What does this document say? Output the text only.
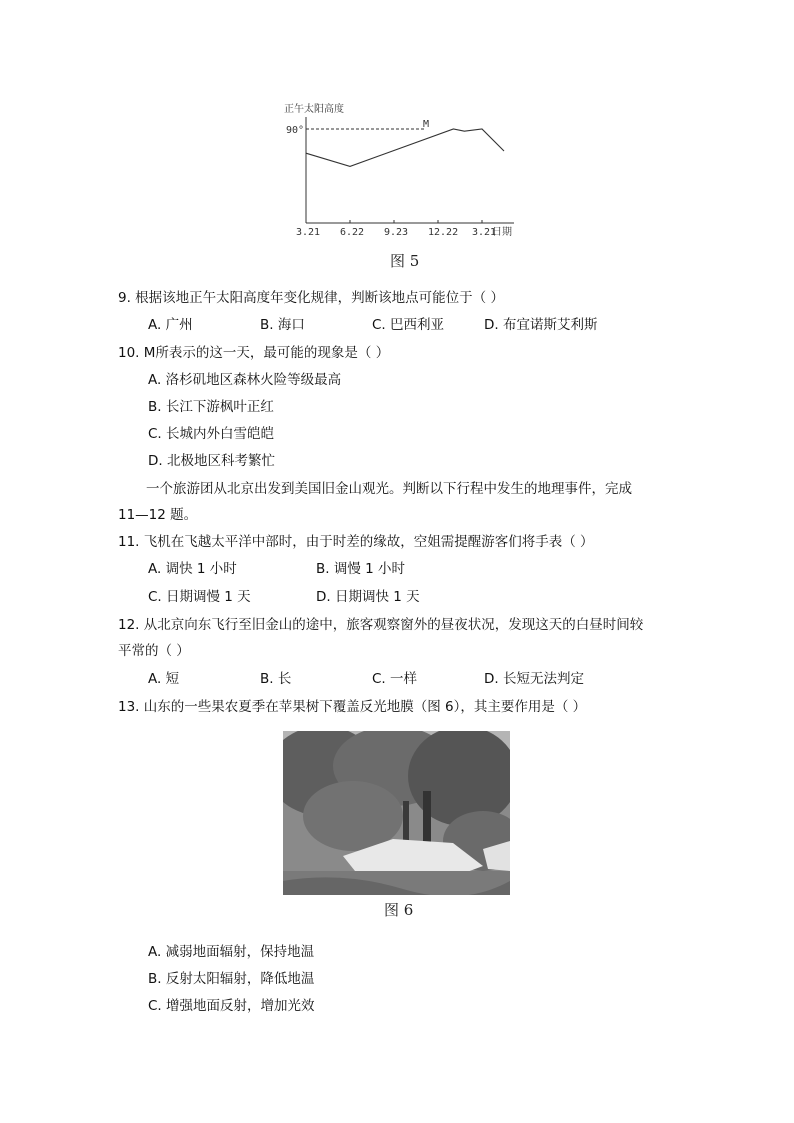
正午太阳高度
90°
M
3.21 6.22 9.23 12.22 3.21
日期
图 5
9. 根据该地正午太阳高度年变化规律，判断该地点可能位于（ ）
A. 广州	B. 海口	C. 巴西利亚	D. 布宜诺斯艾利斯
10. M所表示的这一天，最可能的现象是（ ）
A. 洛杉矶地区森林火险等级最高
B. 长江下游枫叶正红
C. 长城内外白雪皑皑
D. 北极地区科考繁忙
一个旅游团从北京出发到美国旧金山观光。判断以下行程中发生的地理事件，完成
11—12 题。
11. 飞机在飞越太平洋中部时，由于时差的缘故，空姐需提醒游客们将手表（ ）
A. 调快 1 小时	B. 调慢 1 小时
C. 日期调慢 1 天	D. 日期调快 1 天
12. 从北京向东飞行至旧金山的途中，旅客观察窗外的昼夜状况，发现这天的白昼时间较
平常的（ ）
A. 短	B. 长	C. 一样	D. 长短无法判定
13. 山东的一些果农夏季在苹果树下覆盖反光地膜（图 6），其主要作用是（ ）
图 6
A. 减弱地面辐射，保持地温
B. 反射太阳辐射，降低地温
C. 增强地面反射，增加光效
